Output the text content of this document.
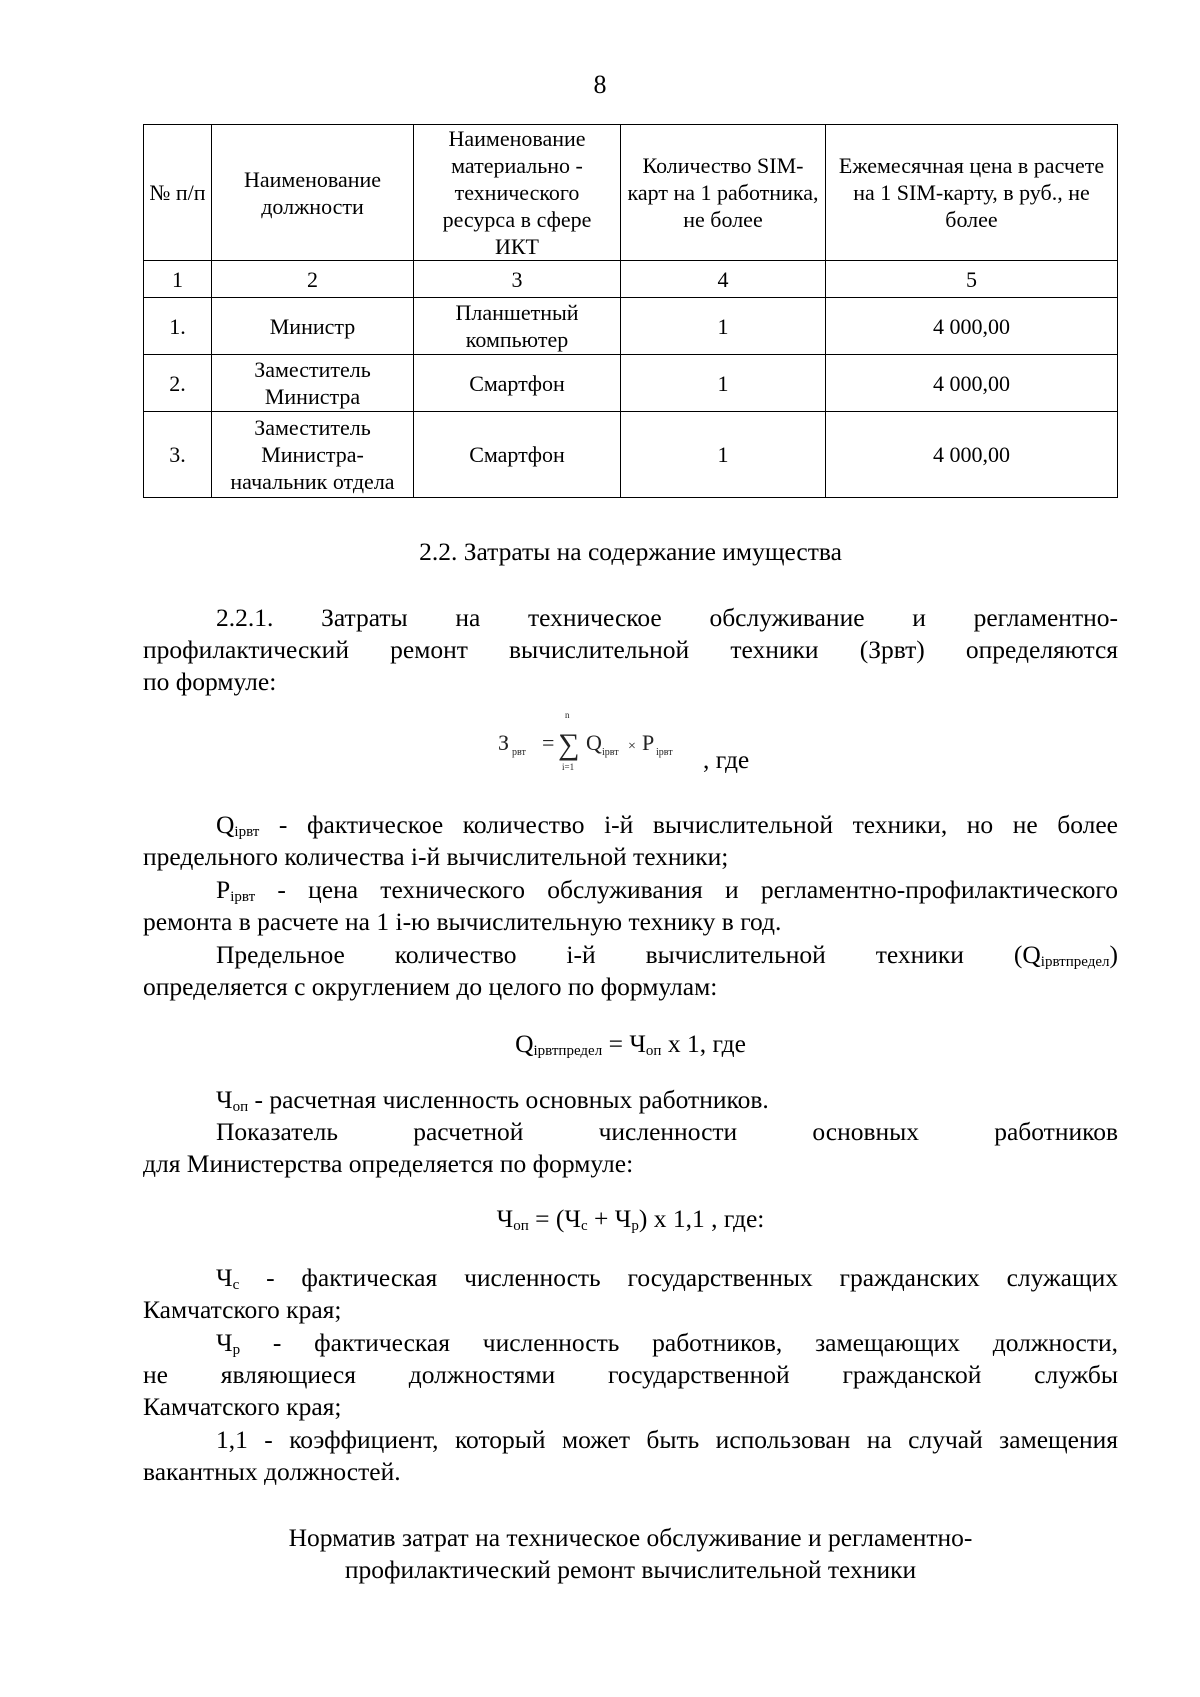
8
№ п/п	Наименование должности	Наименование материально - технического ресурса в сфере ИКТ	Количество SIM-карт на 1 работника, не более	Ежемесячная цена в расчете на 1 SIM-карту, в руб., не более
1	2	3	4	5
1.	Министр	Планшетный компьютер	1	4 000,00
2.	Заместитель Министра	Смартфон	1	4 000,00
3.	Заместитель Министра-начальник отдела	Смартфон	1	4 000,00
2.2. Затраты на содержание имущества
2.2.1. Затраты на техническое обслуживание и регламентно-
профилактический ремонт вычислительной техники (Зрвт) определяются
по формуле:
З рвт = ∑
n
i=1
Q iрвт × P iрвт , где
$Q_{iрвт}$ - фактическое количество i-й вычислительной техники, но не более
предельного количества i-й вычислительной техники;
$P_{iрвт}$ - цена технического обслуживания и регламентно-профилактического
ремонта в расчете на 1 i-ю вычислительную технику в год.
Предельное количество i-й вычислительной техники $(Q_{iрвтпредел})$
определяется с округлением до целого по формулам:
$Q_{iрвтпредел} = Ч_{оп}$ х 1, где
$Ч_{оп}$ - расчетная численность основных работников.
Показатель расчетной численности основных работников
для Министерства определяется по формуле:
$Ч_{оп} = (Ч_с + Ч_р)$ х 1,1 , где:
$Ч_с$ - фактическая численность государственных гражданских служащих
Камчатского края;
$Ч_р$ - фактическая численность работников, замещающих должности,
не являющиеся должностями государственной гражданской службы
Камчатского края;
1,1 - коэффициент, который может быть использован на случай замещения
вакантных должностей.
Норматив затрат на техническое обслуживание и регламентно-
профилактический ремонт вычислительной техники
